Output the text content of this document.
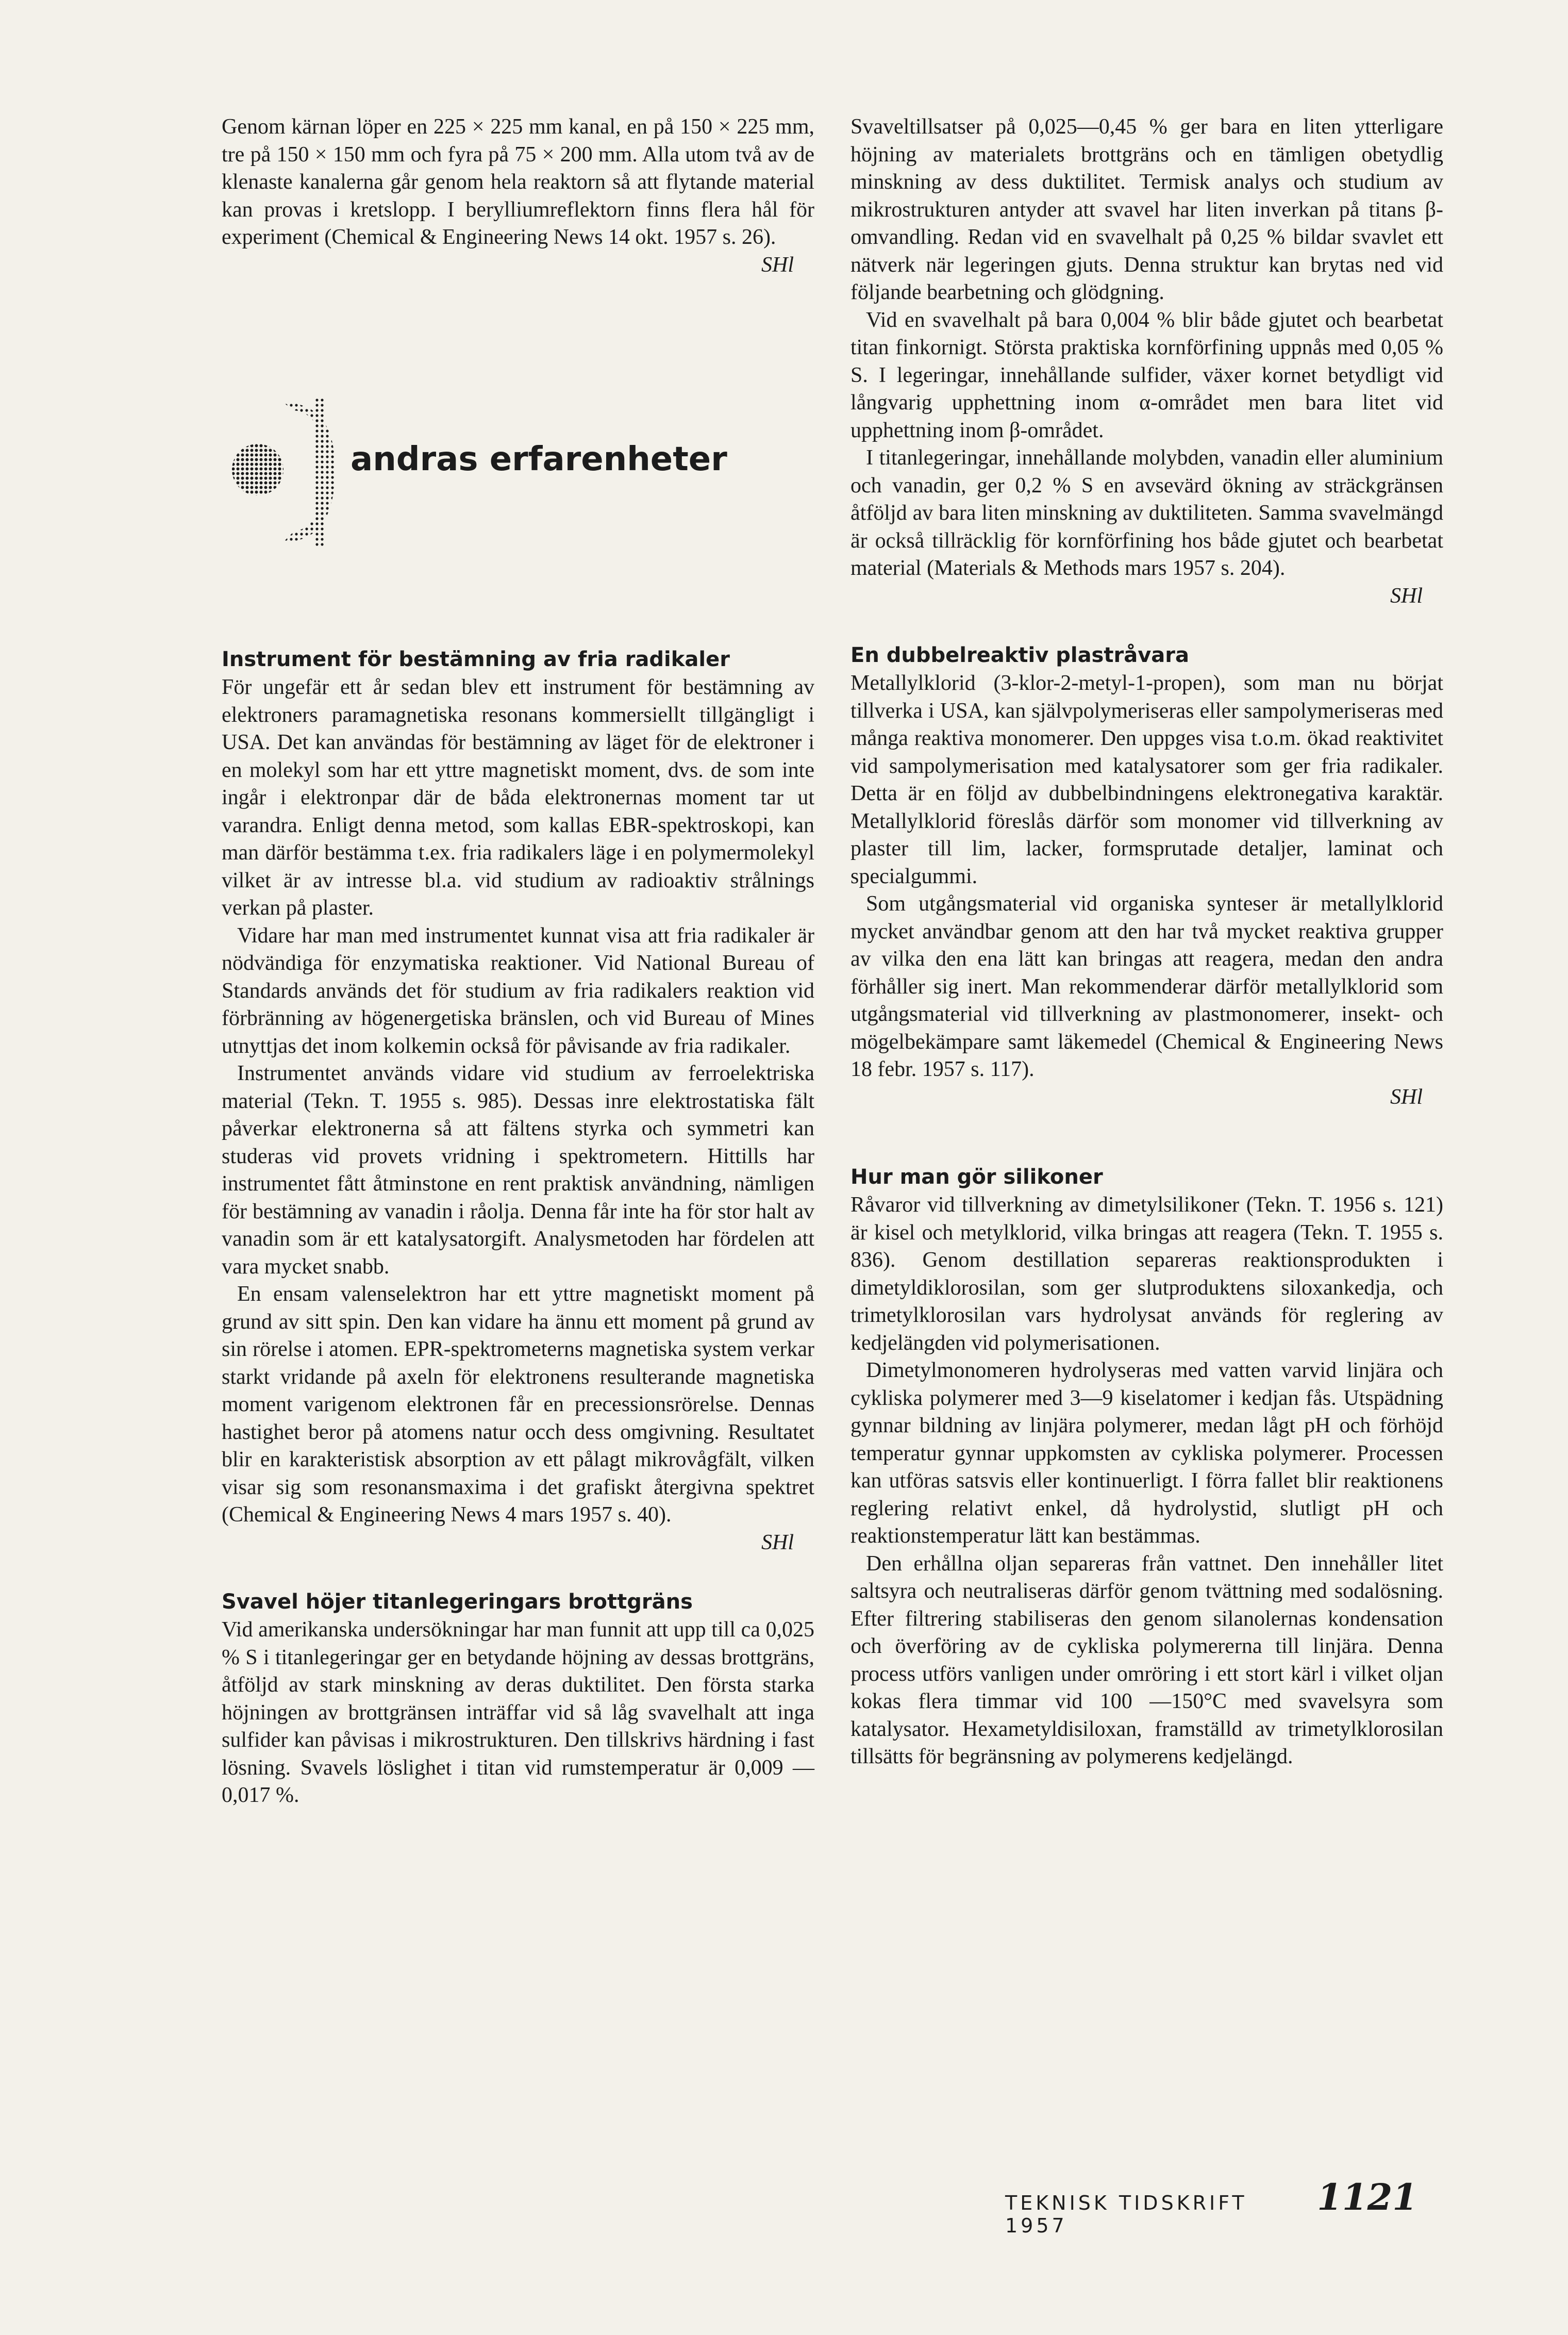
Genom kärnan löper en 225 × 225 mm kanal, en på 150 × 225 mm, tre på 150 × 150 mm och fyra på 75 × 200 mm. Alla utom två av de klenaste kanalerna går genom hela reaktorn så att flytande material kan provas i kretslopp. I berylliumreflektorn finns flera hål för experiment (Chemical & Engineering News 14 okt. 1957 s. 26).

SHl

andras erfarenheter
Instrument för bestämning av fria radikaler

För ungefär ett år sedan blev ett instrument för bestämning av elektroners paramagnetiska resonans kommersiellt tillgängligt i USA. Det kan användas för bestämning av läget för de elektroner i en molekyl som har ett yttre magnetiskt moment, dvs. de som inte ingår i elektronpar där de båda elektronernas moment tar ut varandra. Enligt denna metod, som kallas EBR-spektroskopi, kan man därför bestämma t.ex. fria radikalers läge i en polymermolekyl vilket är av intresse bl.a. vid studium av radioaktiv strålnings verkan på plaster.

Vidare har man med instrumentet kunnat visa att fria radikaler är nödvändiga för enzymatiska reaktioner. Vid National Bureau of Standards används det för studium av fria radikalers reaktion vid förbränning av högenergetiska bränslen, och vid Bureau of Mines utnyttjas det inom kolkemin också för påvisande av fria radikaler.

Instrumentet används vidare vid studium av ferroelektriska material (Tekn. T. 1955 s. 985). Dessas inre elektrostatiska fält påverkar elektronerna så att fältens styrka och symmetri kan studeras vid provets vridning i spektrometern. Hittills har instrumentet fått åtminstone en rent praktisk användning, nämligen för bestämning av vanadin i råolja. Denna får inte ha för stor halt av vanadin som är ett katalysatorgift. Analysmetoden har fördelen att vara mycket snabb.

En ensam valenselektron har ett yttre magnetiskt moment på grund av sitt spin. Den kan vidare ha ännu ett moment på grund av sin rörelse i atomen. EPR-spektrometerns magnetiska system verkar starkt vridande på axeln för elektronens resulterande magnetiska moment varigenom elektronen får en precessionsrörelse. Dennas hastighet beror på atomens natur occh dess omgivning. Resultatet blir en karakteristisk absorption av ett pålagt mikrovågfält, vilken visar sig som resonansmaxima i det grafiskt återgivna spektret (Chemical & Engineering News 4 mars 1957 s. 40).

SHl

Svavel höjer titanlegeringars brottgräns

Vid amerikanska undersökningar har man funnit att upp till ca 0,025 % S i titanlegeringar ger en betydande höjning av dessas brottgräns, åtföljd av stark minskning av deras duktilitet. Den första starka höjningen av brottgränsen inträffar vid så låg svavelhalt att inga sulfider kan påvisas i mikrostrukturen. Den tillskrivs härdning i fast lösning. Svavels löslighet i titan vid rumstemperatur är 0,009 —0,017 %.

Svaveltillsatser på 0,025—0,45 % ger bara en liten ytterligare höjning av materialets brottgräns och en tämligen obetydlig minskning av dess duktilitet. Termisk analys och studium av mikrostrukturen antyder att svavel har liten inverkan på titans β-omvandling. Redan vid en svavelhalt på 0,25 % bildar svavlet ett nätverk när legeringen gjuts. Denna struktur kan brytas ned vid följande bearbetning och glödgning.

Vid en svavelhalt på bara 0,004 % blir både gjutet och bearbetat titan finkornigt. Största praktiska kornförfining uppnås med 0,05 % S. I legeringar, innehållande sulfider, växer kornet betydligt vid långvarig upphettning inom α-området men bara litet vid upphettning inom β-området.

I titanlegeringar, innehållande molybden, vanadin eller aluminium och vanadin, ger 0,2 % S en avsevärd ökning av sträckgränsen åtföljd av bara liten minskning av duktiliteten. Samma svavelmängd är också tillräcklig för kornförfining hos både gjutet och bearbetat material (Materials & Methods mars 1957 s. 204).

SHl

En dubbelreaktiv plastråvara

Metallylklorid (3-klor-2-metyl-1-propen), som man nu börjat tillverka i USA, kan självpolymeriseras eller sampolymeriseras med många reaktiva monomerer. Den uppges visa t.o.m. ökad reaktivitet vid sampolymerisation med katalysatorer som ger fria radikaler. Detta är en följd av dubbelbindningens elektronegativa karaktär. Metallylklorid föreslås därför som monomer vid tillverkning av plaster till lim, lacker, formsprutade detaljer, laminat och specialgummi.

Som utgångsmaterial vid organiska synteser är metallylklorid mycket användbar genom att den har två mycket reaktiva grupper av vilka den ena lätt kan bringas att reagera, medan den andra förhåller sig inert. Man rekommenderar därför metallylklorid som utgångsmaterial vid tillverkning av plastmonomerer, insekt- och mögelbekämpare samt läkemedel (Chemical & Engineering News 18 febr. 1957 s. 117).

SHl

Hur man gör silikoner

Råvaror vid tillverkning av dimetylsilikoner (Tekn. T. 1956 s. 121) är kisel och metylklorid, vilka bringas att reagera (Tekn. T. 1955 s. 836). Genom destillation separeras reaktionsprodukten i dimetyldiklorosilan, som ger slutproduktens siloxankedja, och trimetylklorosilan vars hydrolysat används för reglering av kedjelängden vid polymerisationen.

Dimetylmonomeren hydrolyseras med vatten varvid linjära och cykliska polymerer med 3—9 kiselatomer i kedjan fås. Utspädning gynnar bildning av linjära polymerer, medan lågt pH och förhöjd temperatur gynnar uppkomsten av cykliska polymerer. Processen kan utföras satsvis eller kontinuerligt. I förra fallet blir reaktionens reglering relativt enkel, då hydrolystid, slutligt pH och reaktionstemperatur lätt kan bestämmas.

Den erhållna oljan separeras från vattnet. Den innehåller litet saltsyra och neutraliseras därför genom tvättning med sodalösning. Efter filtrering stabiliseras den genom silanolernas kondensation och överföring av de cykliska polymererna till linjära. Denna process utförs vanligen under omröring i ett stort kärl i vilket oljan kokas flera timmar vid 100 —150°C med svavelsyra som katalysator. Hexametyldisiloxan, framställd av trimetylklorosilan tillsätts för begränsning av polymerens kedjelängd.

TEKNISK TIDSKRIFT 1957
1121
